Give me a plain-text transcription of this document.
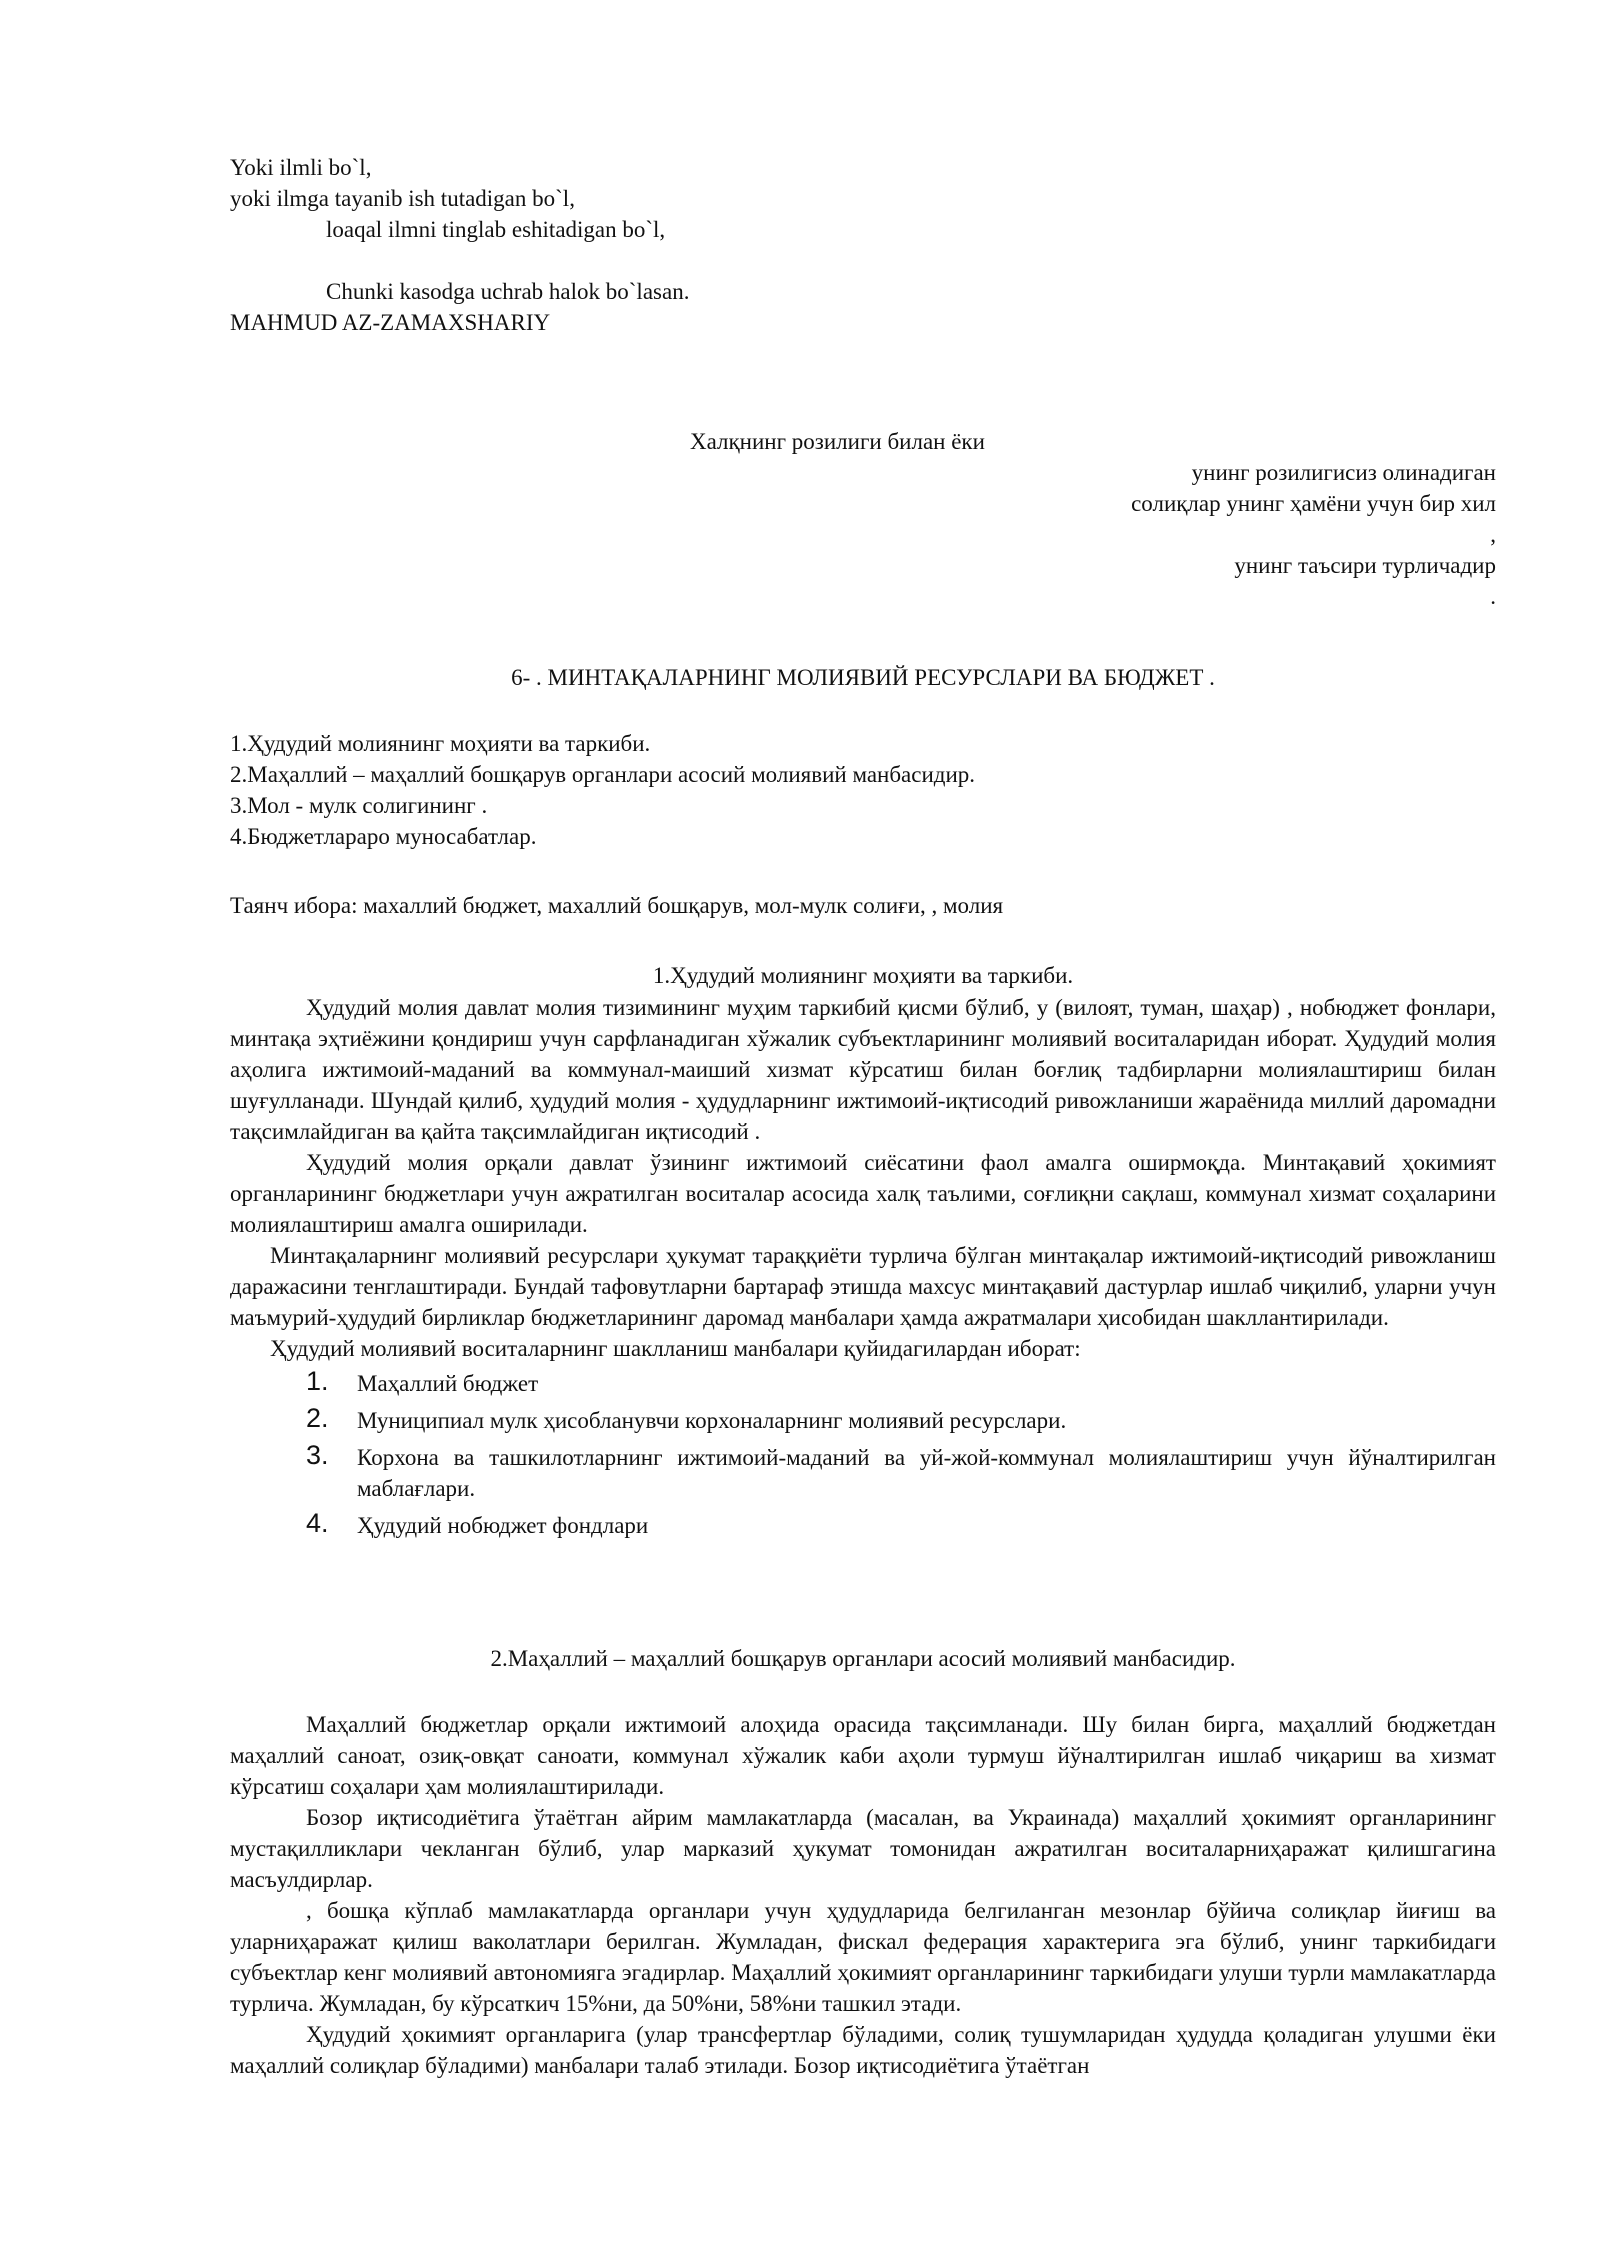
Yoki ilmli bo`l,
yoki ilmga tayanib ish tutadigan bo`l,
loaqal ilmni tinglab eshitadigan bo`l,
Chunki kasodga uchrab halok bo`lasan.
MAHMUD AZ-ZAMAXSHARIY
Халқнинг розилиги билан ёки
унинг розилигисиз олинадиган
солиқлар унинг ҳамёни учун бир хил
,
унинг таъсири турличадир
.
6- . МИНТАҚАЛАРНИНГ МОЛИЯВИЙ РЕСУРСЛАРИ ВА БЮДЖЕТ .
1.Ҳудудий молиянинг моҳияти ва таркиби.
2.Маҳаллий – маҳаллий бошқарув органлари асосий молиявий манбасидир.
3.Мол - мулк солигининг .
4.Бюджетлараро муносабатлар.
Таянч ибора: махаллий бюджет, махаллий бошқарув, мол-мулк солиғи, , молия
1.Ҳудудий молиянинг моҳияти ва таркиби.

Ҳудудий молия давлат молия тизимининг муҳим таркибий қисми бўлиб, у (вилоят, туман, шаҳар) , нобюджет фонлари, минтақа эҳтиёжини қондириш учун сарфланадиган хўжалик субъектларининг молиявий воситаларидан иборат. Ҳудудий молия аҳолига ижтимоий-маданий ва коммунал-маиший хизмат кўрсатиш билан боғлиқ тадбирларни молиялаштириш билан шуғулланади. Шундай қилиб, ҳудудий молия - ҳудудларнинг ижтимоий-иқтисодий ривожланиши жараёнида миллий даромадни тақсимлайдиган ва қайта тақсимлайдиган иқтисодий .

Ҳудудий молия орқали давлат ўзининг ижтимоий сиёсатини фаол амалга оширмоқда. Минтақавий ҳокимият органларининг бюджетлари учун ажратилган воситалар асосида халқ таълими, соғлиқни сақлаш, коммунал хизмат соҳаларини молиялаштириш амалга оширилади.

Минтақаларнинг молиявий ресурслари ҳукумат тараққиёти турлича бўлган минтақалар ижтимоий-иқтисодий ривожланиш даражасини тенглаштиради. Бундай тафовутларни бартараф этишда махсус минтақавий дастурлар ишлаб чиқилиб, уларни учун маъмурий-ҳудудий бирликлар бюджетларининг даромад манбалари ҳамда ажратмалари ҳисобидан шакллантирилади.

Ҳудудий молиявий воситаларнинг шаклланиш манбалари қуйидагилардан иборат:

1. Маҳаллий бюджет
2. Муниципиал мулк ҳисобланувчи корхоналарнинг молиявий ресурслари.
3. Корхона ва ташкилотларнинг ижтимоий-маданий ва уй-жой-коммунал молиялаштириш учун йўналтирилган маблағлари.
4. Ҳудудий нобюджет фондлари
2.Маҳаллий – маҳаллий бошқарув органлари асосий молиявий манбасидир.

Маҳаллий бюджетлар орқали ижтимоий алоҳида орасида тақсимланади. Шу билан бирга, маҳаллий бюджетдан маҳаллий саноат, озиқ-овқат саноати, коммунал хўжалик каби аҳоли турмуш йўналтирилган ишлаб чиқариш ва хизмат кўрсатиш соҳалари ҳам молиялаштирилади.

Бозор иқтисодиётига ўтаётган айрим мамлакатларда (масалан, ва Украинада) маҳаллий ҳокимият органларининг мустақилликлари чекланган бўлиб, улар марказий ҳукумат томонидан ажратилган воситаларниҳаражат қилишгагина масъулдирлар.

, бошқа кўплаб мамлакатларда органлари учун ҳудудларида белгиланган мезонлар бўйича солиқлар йиғиш ва уларниҳаражат қилиш ваколатлари берилган. Жумладан, фискал федерация характерига эга бўлиб, унинг таркибидаги субъектлар кенг молиявий автономияга эгадирлар. Маҳаллий ҳокимият органларининг таркибидаги улуши турли мамлакатларда турлича. Жумладан, бу кўрсаткич 15%ни, да 50%ни, 58%ни ташкил этади.

Ҳудудий ҳокимият органларига (улар трансфертлар бўладими, солиқ тушумларидан ҳудудда қоладиган улушми ёки маҳаллий солиқлар бўладими) манбалари талаб этилади. Бозор иқтисодиётига ўтаётган
